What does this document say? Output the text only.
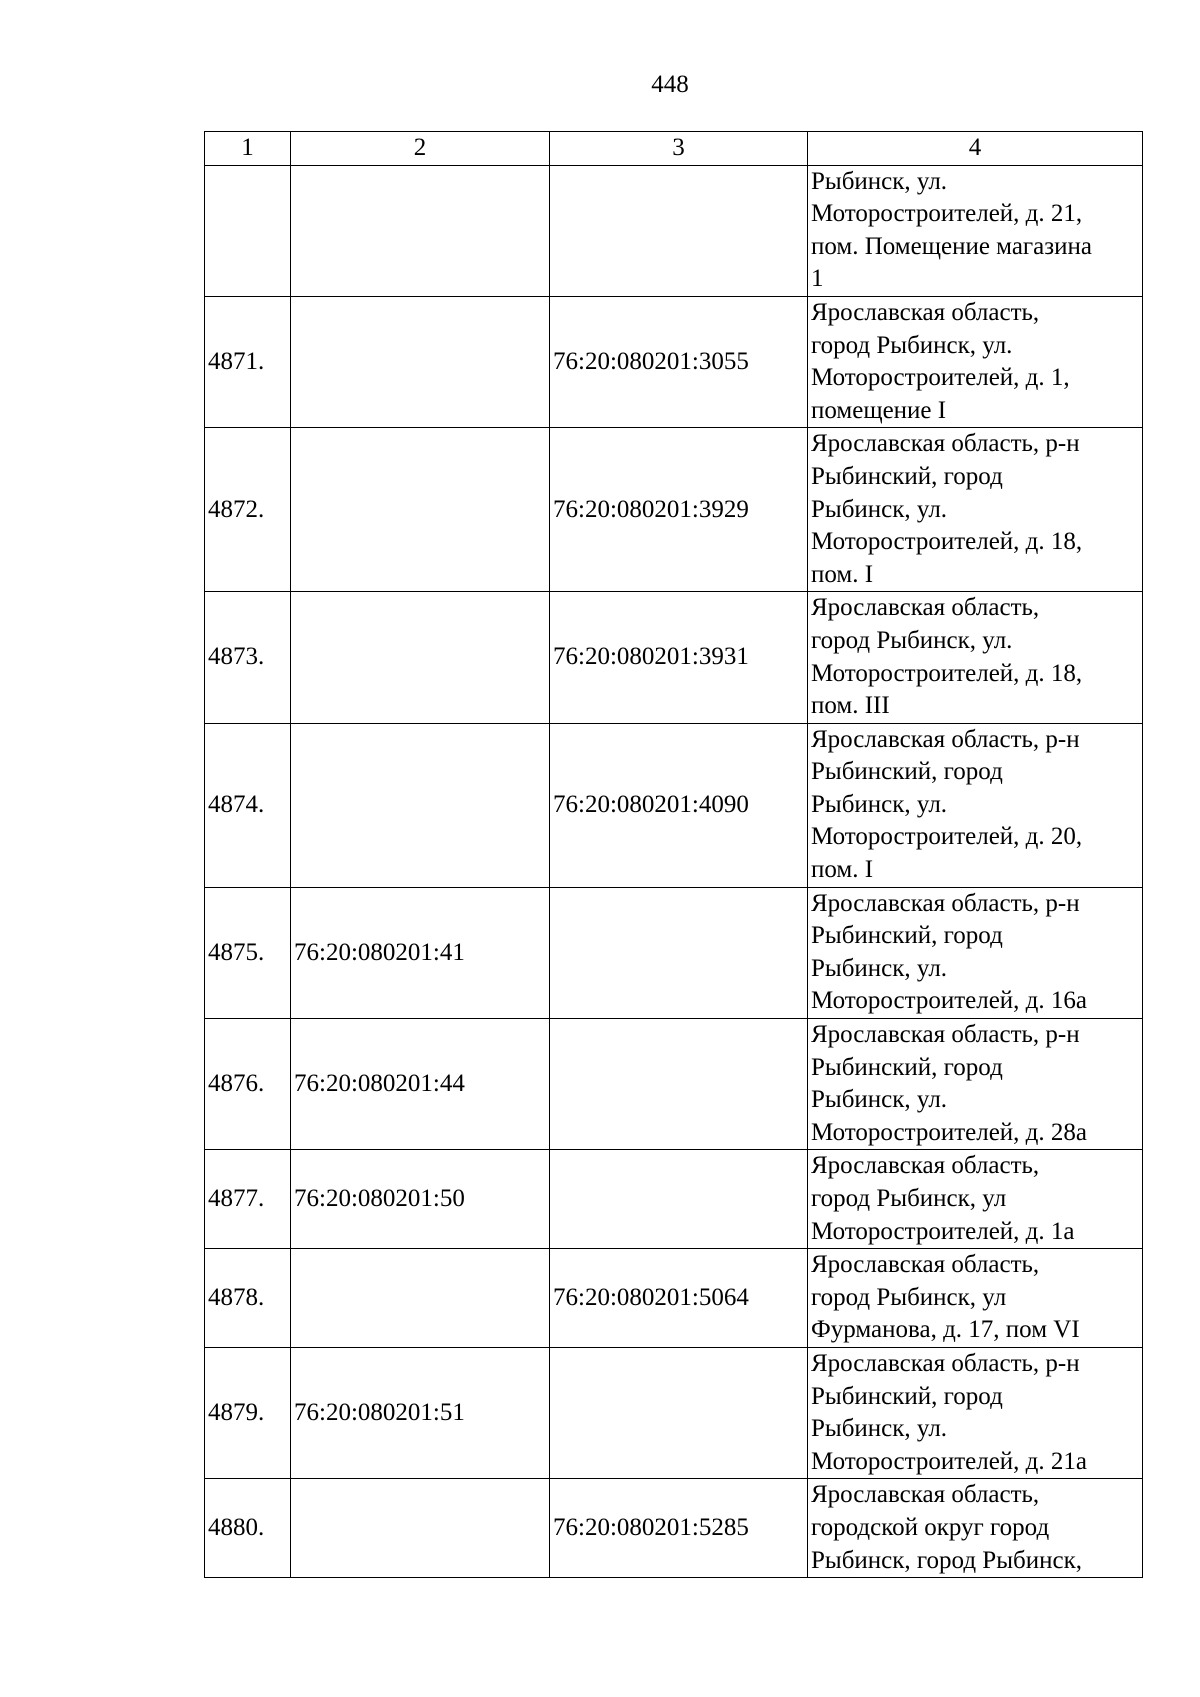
448
1	2	3	4

			Рыбинск, ул.
Моторостроителей, д. 21,
пом. Помещение магазина
1

4871.		76:20:080201:3055	Ярославская область,
город Рыбинск, ул.
Моторостроителей, д. 1,
помещение I

4872.		76:20:080201:3929	Ярославская область, р-н
Рыбинский, город
Рыбинск, ул.
Моторостроителей, д. 18,
пом. I

4873.		76:20:080201:3931	Ярославская область,
город Рыбинск, ул.
Моторостроителей, д. 18,
пом. III

4874.		76:20:080201:4090	Ярославская область, р-н
Рыбинский, город
Рыбинск, ул.
Моторостроителей, д. 20,
пом. I

4875.	76:20:080201:41		Ярославская область, р-н
Рыбинский, город
Рыбинск, ул.
Моторостроителей, д. 16а

4876.	76:20:080201:44		Ярославская область, р-н
Рыбинский, город
Рыбинск, ул.
Моторостроителей, д. 28а

4877.	76:20:080201:50		Ярославская область,
город Рыбинск, ул
Моторостроителей, д. 1а

4878.		76:20:080201:5064	Ярославская область,
город Рыбинск, ул
Фурманова, д. 17, пом VI

4879.	76:20:080201:51		Ярославская область, р-н
Рыбинский, город
Рыбинск, ул.
Моторостроителей, д. 21а

4880.		76:20:080201:5285	Ярославская область,
городской округ город
Рыбинск, город Рыбинск,
